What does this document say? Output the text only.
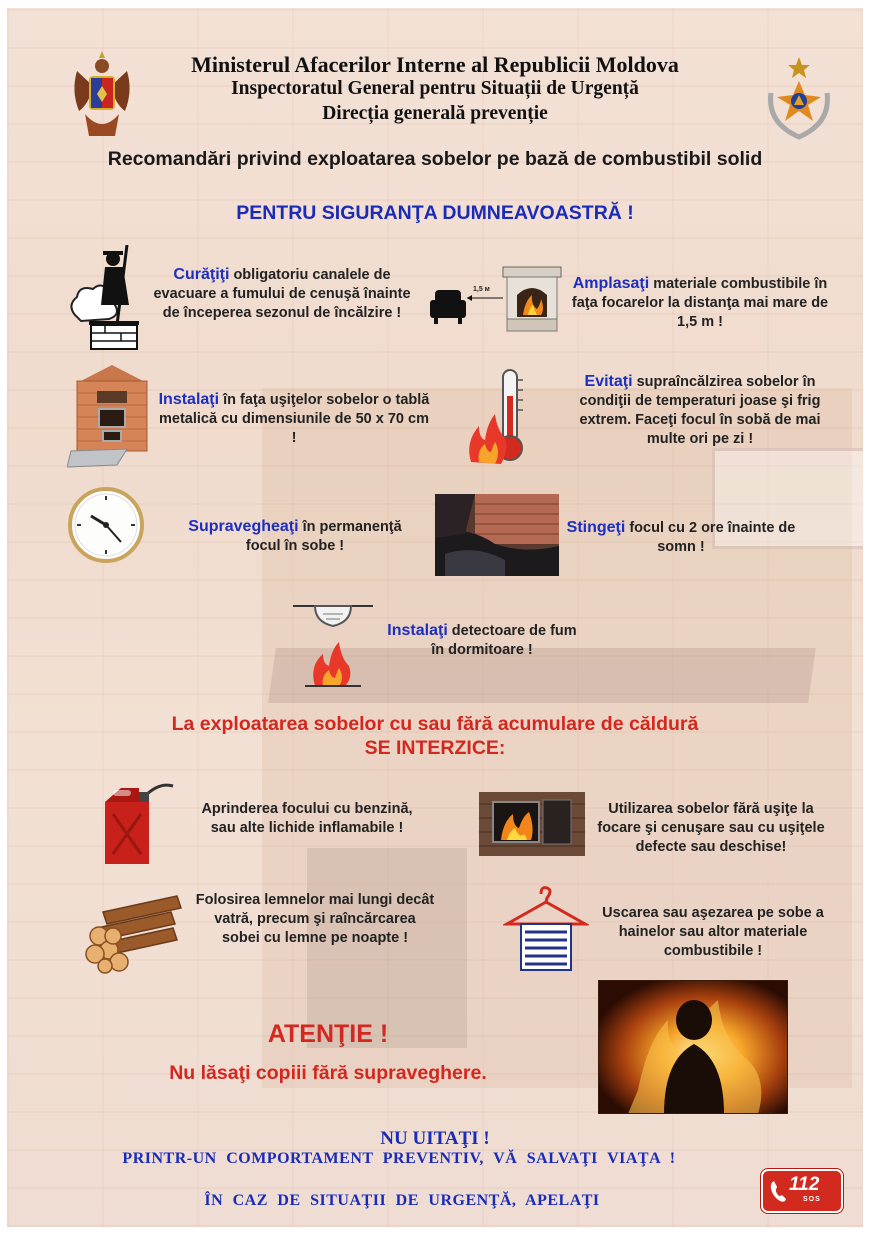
Ministerul Afacerilor Interne al Republicii Moldova
Inspectoratul General pentru Situații de Urgență
Direcția generală prevenție
Recomandări privind exploatarea sobelor pe bază de combustibil solid
PENTRU SIGURANŢA DUMNEAVOASTRĂ !
Curăţiţi obligatoriu canalele de evacuare a fumului de cenuşă înainte de începerea sezonul de încălzire !
1,5 м	Amplasaţi materiale combustibile în faţa focarelor la distanţa mai mare de 1,5 m !
Instalaţi în faţa uşiţelor sobelor o tablă metalică cu dimensiunile de 50 x 70 cm !
Evitaţi supraîncălzirea sobelor în condiţii de temperaturi joase şi frig extrem. Faceţi focul în sobă de mai multe ori pe zi !
Supravegheaţi în permanenţă focul în sobe !
Stingeţi focul cu 2 ore înainte de somn !
Instalaţi detectoare de fum în dormitoare !
La exploatarea sobelor cu sau fără acumulare de căldură
SE INTERZICE:
Aprinderea focului cu benzină, sau alte lichide inflamabile !
Utilizarea sobelor fără uşiţe la focare şi cenuşare sau cu uşiţele defecte sau deschise!
Folosirea lemnelor mai lungi decât vatră, precum şi raîncărcarea sobei cu lemne pe noapte !
Uscarea sau aşezarea pe sobe a hainelor sau altor materiale combustibile !
ATENŢIE !
Nu lăsaţi copiii fără supraveghere.
NU UITAŢI !
PRINTR-UN COMPORTAMENT PREVENTIV, VĂ SALVAŢI VIAŢA !
ÎN CAZ DE SITUAŢII DE URGENŢĂ, APELAŢI
112
SOS
